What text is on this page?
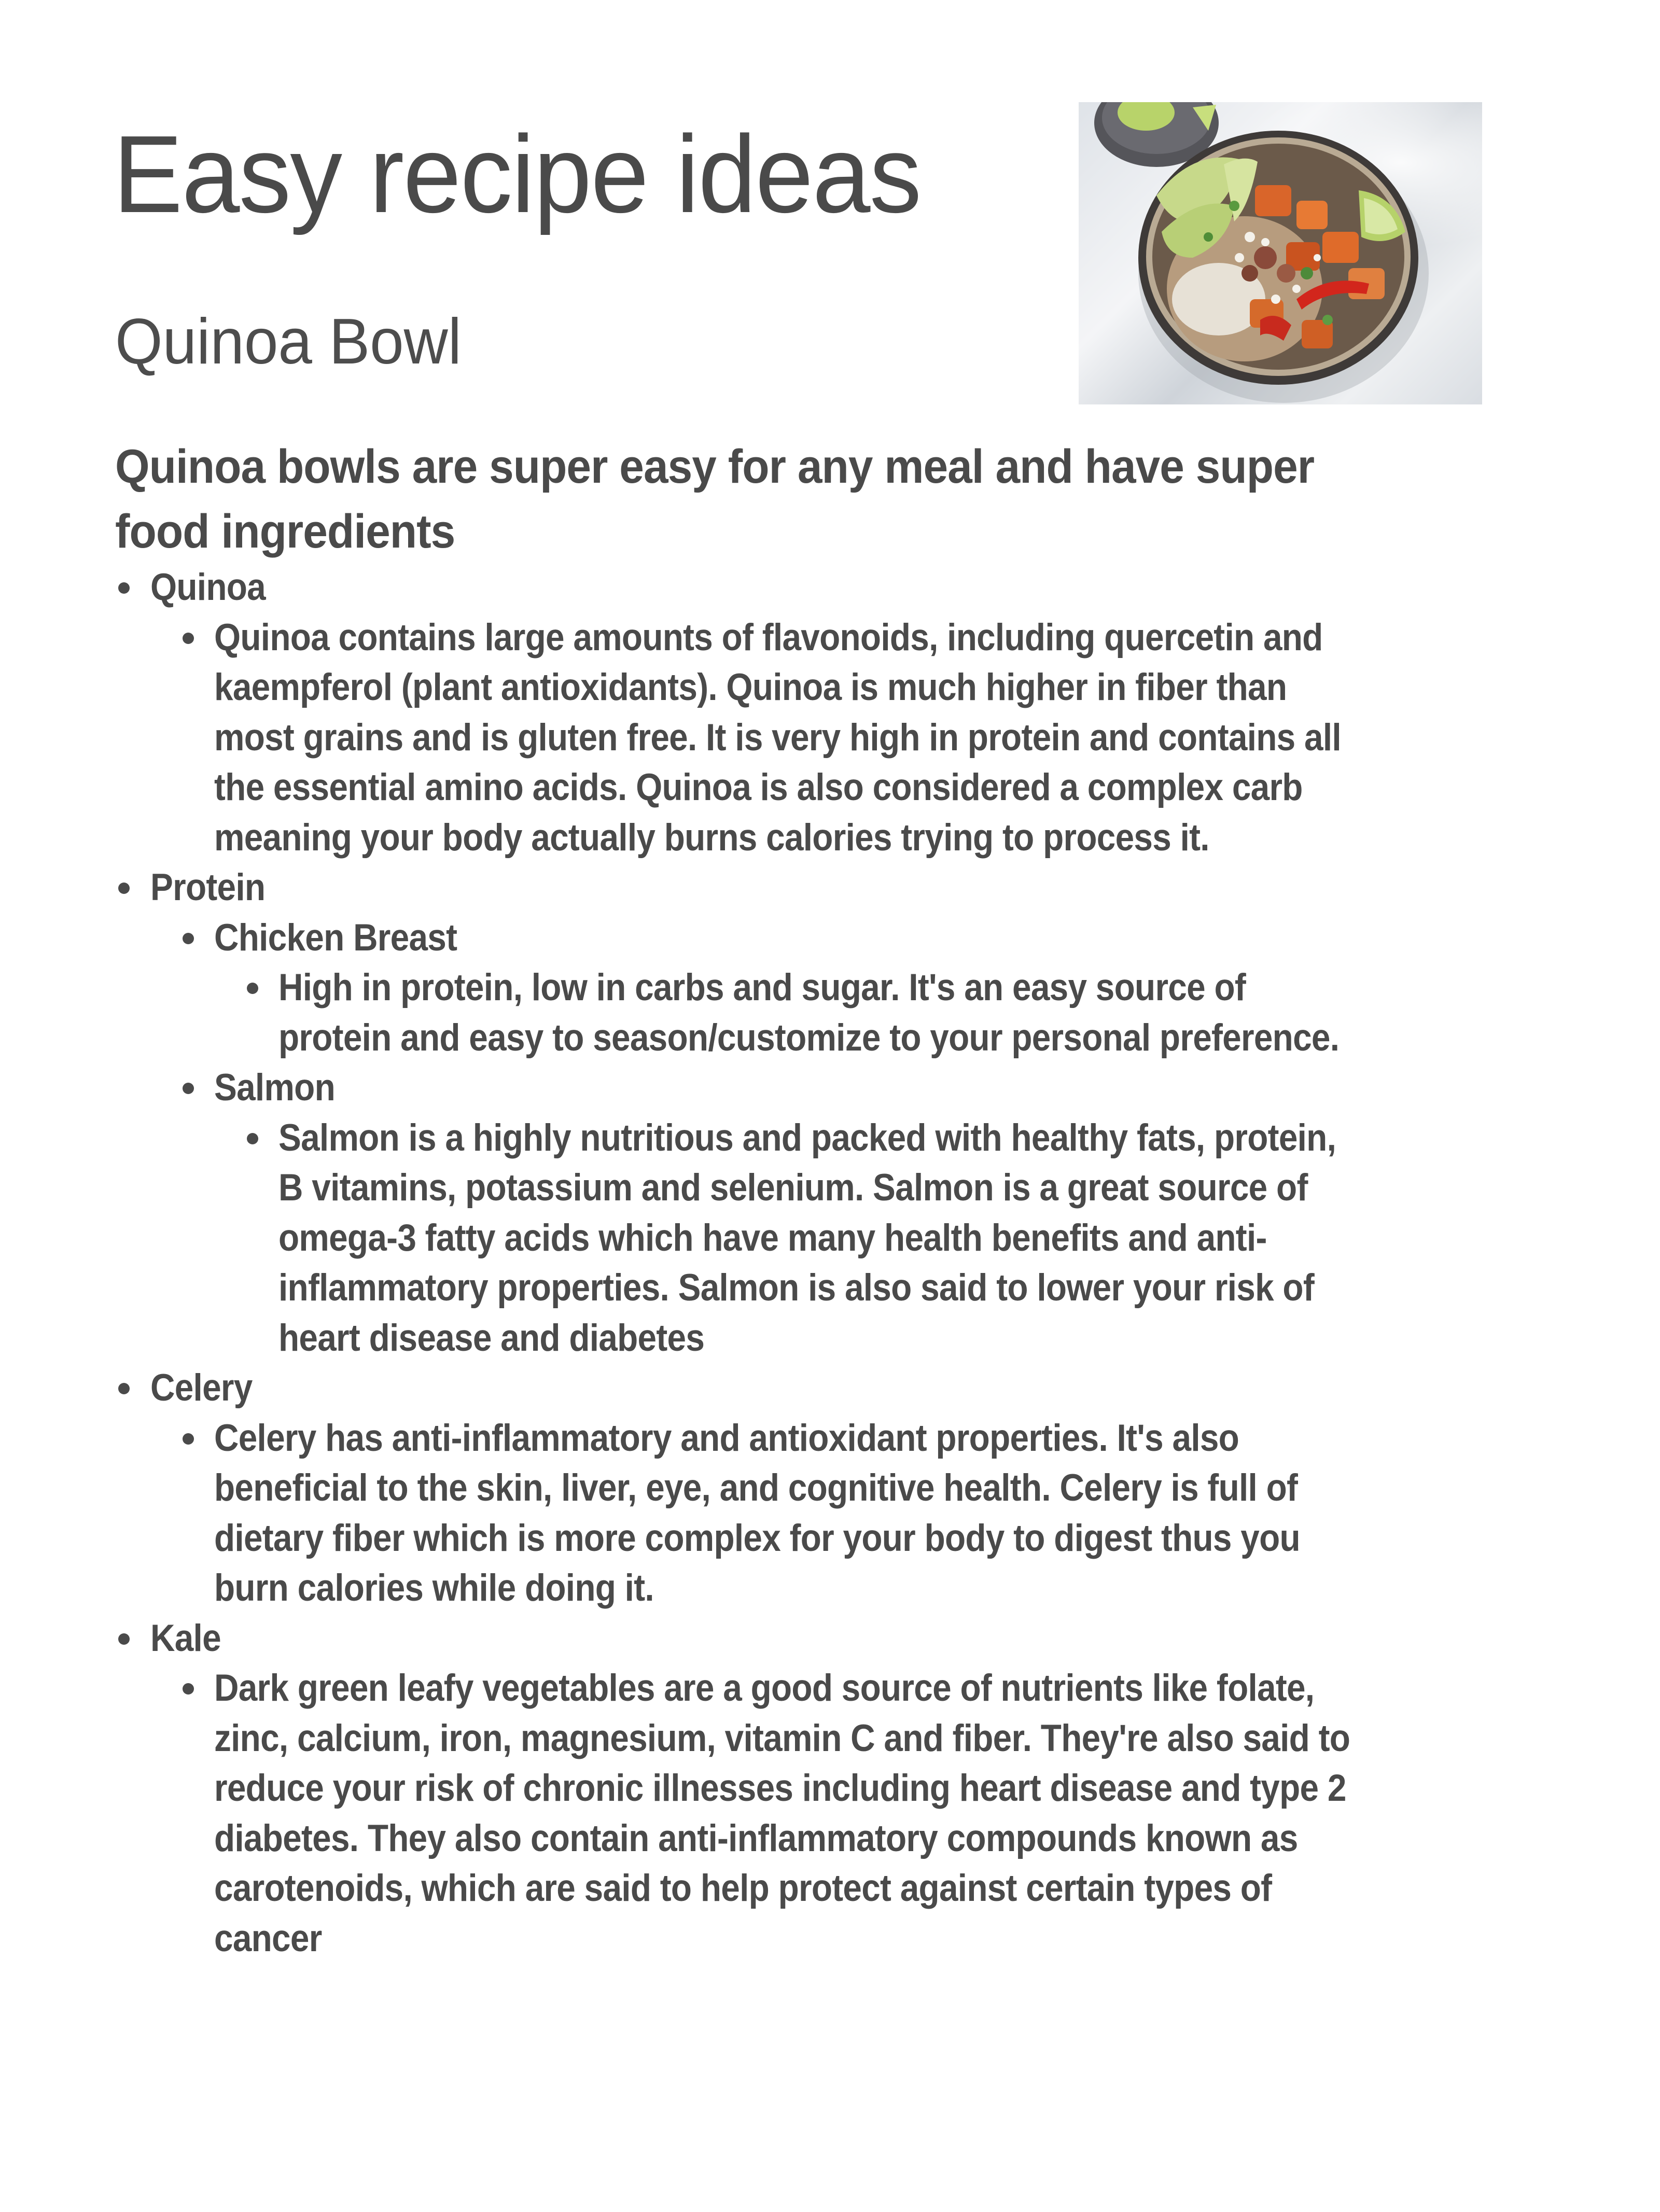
Easy recipe ideas
Quinoa Bowl

Quinoa bowls are super easy for any meal and have super food ingredients

Quinoa
Quinoa contains large amounts of flavonoids, including quercetin and
kaempferol (plant antioxidants). Quinoa is much higher in fiber than
most grains and is gluten free. It is very high in protein and contains all
the essential amino acids. Quinoa is also considered a complex carb
meaning your body actually burns calories trying to process it.
Protein
Chicken Breast
High in protein, low in carbs and sugar. It's an easy source of
protein and easy to season/customize to your personal preference.
Salmon
Salmon is a highly nutritious and packed with healthy fats, protein,
B vitamins, potassium and selenium. Salmon is a great source of
omega-3 fatty acids which have many health benefits and anti-
inflammatory properties. Salmon is also said to lower your risk of
heart disease and diabetes
Celery
Celery has anti-inflammatory and antioxidant properties. It's also
beneficial to the skin, liver, eye, and cognitive health. Celery is full of
dietary fiber which is more complex for your body to digest thus you
burn calories while doing it.
Kale
Dark green leafy vegetables are a good source of nutrients like folate,
zinc, calcium, iron, magnesium, vitamin C and fiber. They're also said to
reduce your risk of chronic illnesses including heart disease and type 2
diabetes. They also contain anti-inflammatory compounds known as
carotenoids, which are said to help protect against certain types of
cancer
